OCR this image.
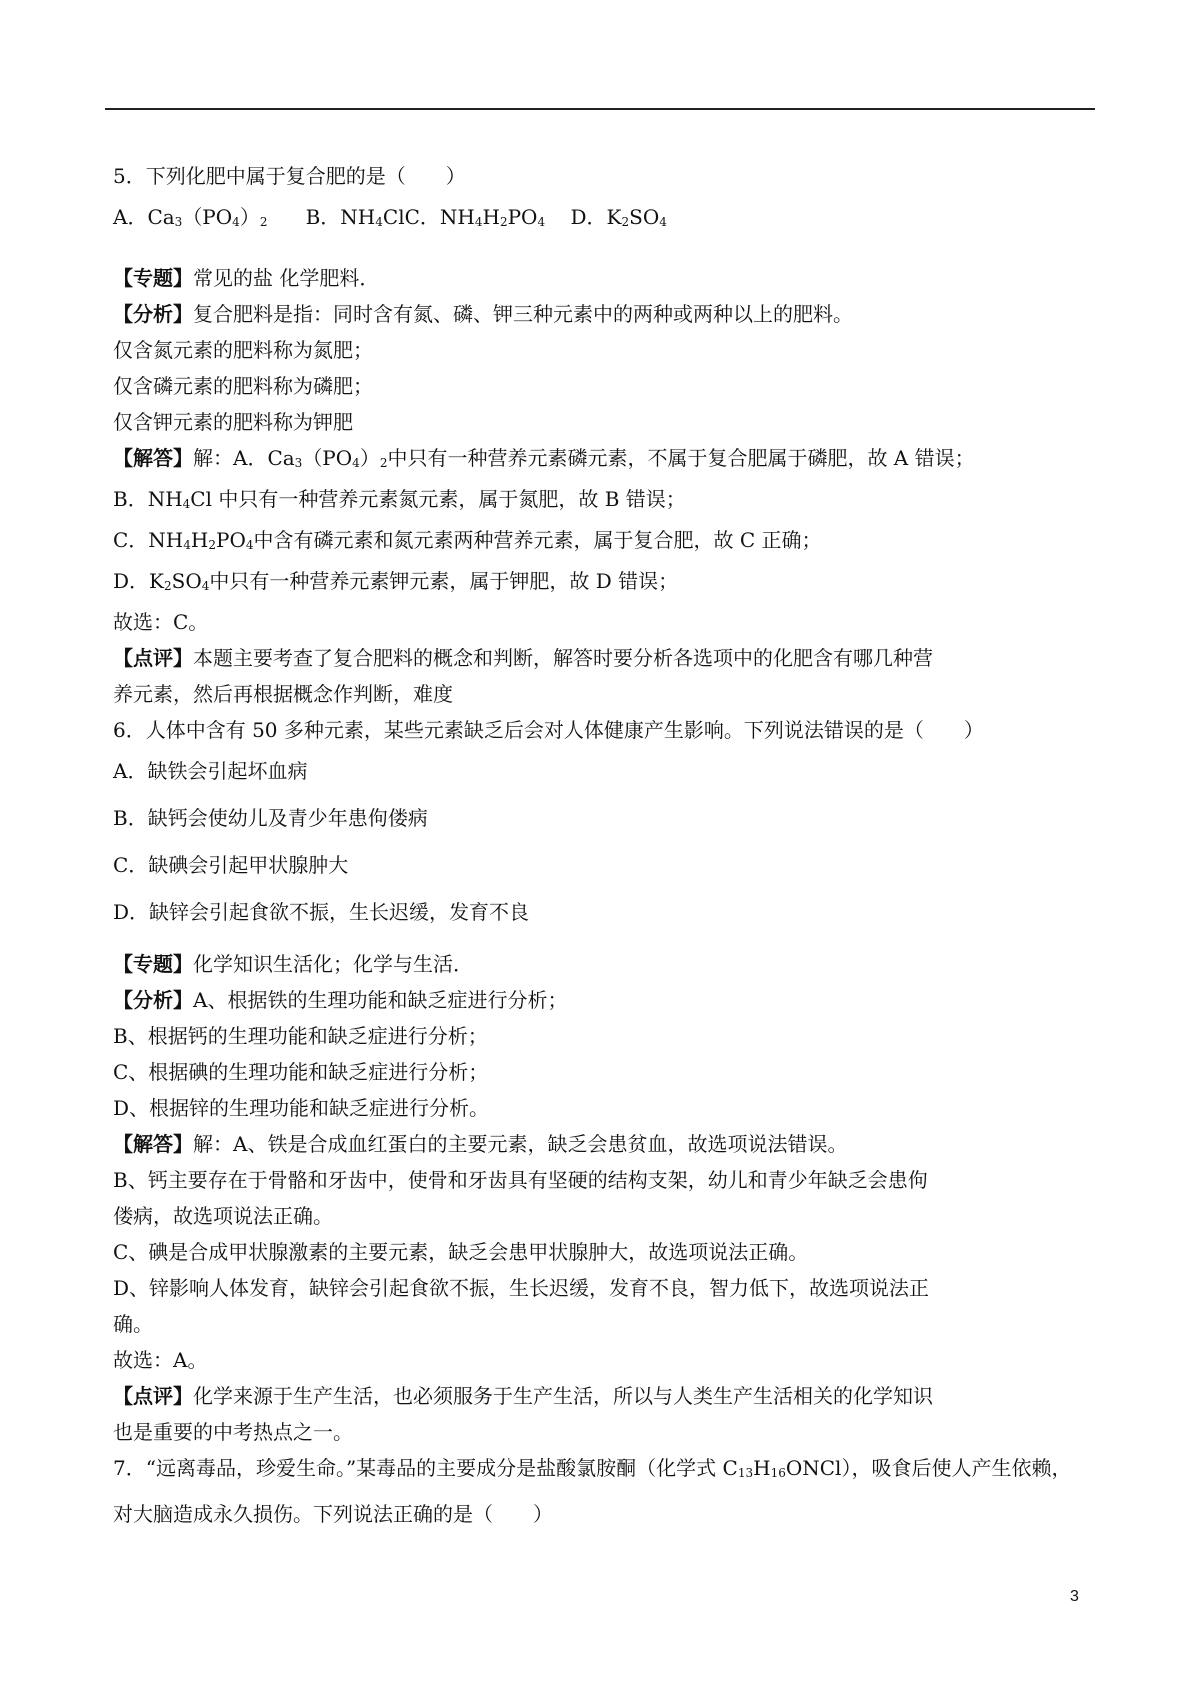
5．下列化肥中属于复合肥的是（　　）
A．$Ca_3(PO_4)_2$ B．$NH_4ClC$．$NH_4H_2PO_4$ D．$K_2SO_4$
【专题】常见的盐 化学肥料．
【分析】复合肥料是指：同时含有氮、磷、钾三种元素中的两种或两种以上的肥料。
仅含氮元素的肥料称为氮肥；
仅含磷元素的肥料称为磷肥；
仅含钾元素的肥料称为钾肥
【解答】解：A．$Ca_3(PO_4)_2$中只有一种营养元素磷元素，不属于复合肥属于磷肥，故 A 错误；
B．$NH_4Cl$ 中只有一种营养元素氮元素，属于氮肥，故 B 错误；
C．$NH_4H_2PO_4$中含有磷元素和氮元素两种营养元素，属于复合肥，故 C 正确；
D．$K_2SO_4$中只有一种营养元素钾元素，属于钾肥，故 D 错误；
故选：C。
【点评】本题主要考查了复合肥料的概念和判断，解答时要分析各选项中的化肥含有哪几种营
养元素，然后再根据概念作判断，难度
6．人体中含有 50 多种元素，某些元素缺乏后会对人体健康产生影响。下列说法错误的是（　　）
A．缺铁会引起坏血病
B．缺钙会使幼儿及青少年患佝偻病
C．缺碘会引起甲状腺肿大
D．缺锌会引起食欲不振，生长迟缓，发育不良
【专题】化学知识生活化；化学与生活．
【分析】A、根据铁的生理功能和缺乏症进行分析；
B、根据钙的生理功能和缺乏症进行分析；
C、根据碘的生理功能和缺乏症进行分析；
D、根据锌的生理功能和缺乏症进行分析。
【解答】解：A、铁是合成血红蛋白的主要元素，缺乏会患贫血，故选项说法错误。
B、钙主要存在于骨骼和牙齿中，使骨和牙齿具有坚硬的结构支架，幼儿和青少年缺乏会患佝
偻病，故选项说法正确。
C、碘是合成甲状腺激素的主要元素，缺乏会患甲状腺肿大，故选项说法正确。
D、锌影响人体发育，缺锌会引起食欲不振，生长迟缓，发育不良，智力低下，故选项说法正
确。
故选：A。
【点评】化学来源于生产生活，也必须服务于生产生活，所以与人类生产生活相关的化学知识
也是重要的中考热点之一。
7．“远离毒品，珍爱生命。”某毒品的主要成分是盐酸氯胺酮（化学式 $C_{13}H_{16}ONCl$），吸食后使人产生依赖，
对大脑造成永久损伤。下列说法正确的是（　　）
3
